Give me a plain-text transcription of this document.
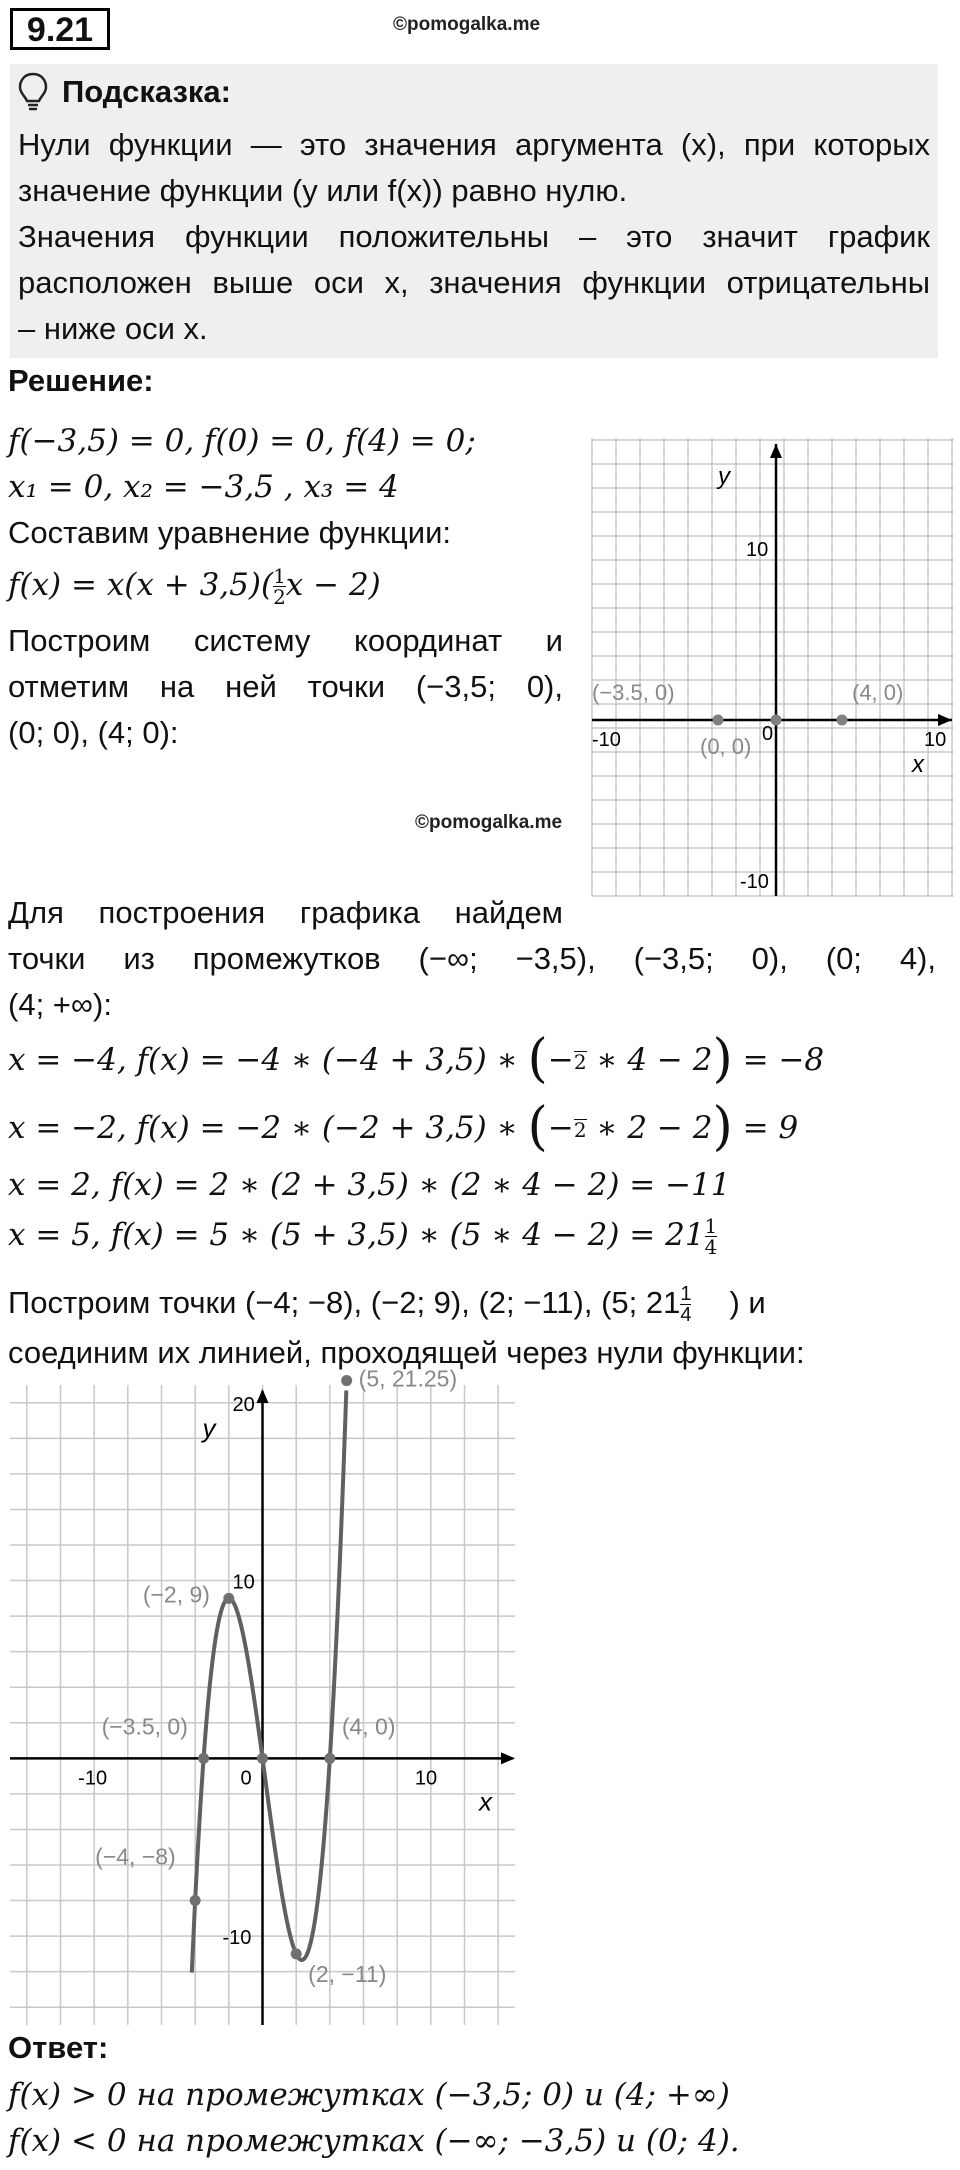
9.21	©pomogalka.me
Подсказка:
Нули функции — это значения аргумента (x), при которых
значение функции (y или f(x)) равно нулю.
Значения функции положительны – это значит график
расположен выше оси x, значения функции отрицательны
– ниже оси x.
Решение:
f(−3,5) = 0, f(0) = 0, f(4) = 0;
x₁ = 0, x₂ = −3,5 , x₃ = 4
Составим уравнение функции:
$f(x) = x(x + 3,5)( \frac{1}{2}$ x − 2)
Построим систему координат и
отметим на ней точки (−3,5; 0),
(0; 0), (4; 0):
©pomogalka.me
y
x
-10	10
10
-10
0
(−3.5, 0)
(0, 0)
(4, 0)
Для построения графика найдем
точки из промежутков (−∞; −3,5), (−3,5; 0), (0; 4),
(4; +∞):
x = −4, f(x) = −4 ∗ (−4 + 3,5) ∗ (− 2 ∗ 4 − 2) = −8
x = −2, f(x) = −2 ∗ (−2 + 3,5) ∗ (− 2 ∗ 2 − 2) = 9
x = 2, f(x) = 2 ∗ (2 + 3,5) ∗ (2 ∗ 4 − 2) = −11
x = 5, f(x) = 5 ∗ (5 + 3,5) ∗ (5 ∗ $4 - 2) = 21 \frac{1}{4}$
Построим точки (−4; −8), (−2; 9), (2; −11), (5; $21 \frac{1}{4}$ ) и
соединим их линией, проходящей через нули функции:
x
y
-10	0	10
20
10
-10
(−3.5, 0)	(4, 0)
(−4, −8)
(−2, 9)
(2, −11)
(5, 21.25)
Ответ:
f(x) > 0 на промежутках (−3,5; 0) и (4; +∞)
f(x) < 0 на промежутках (−∞; −3,5) и (0; 4).
